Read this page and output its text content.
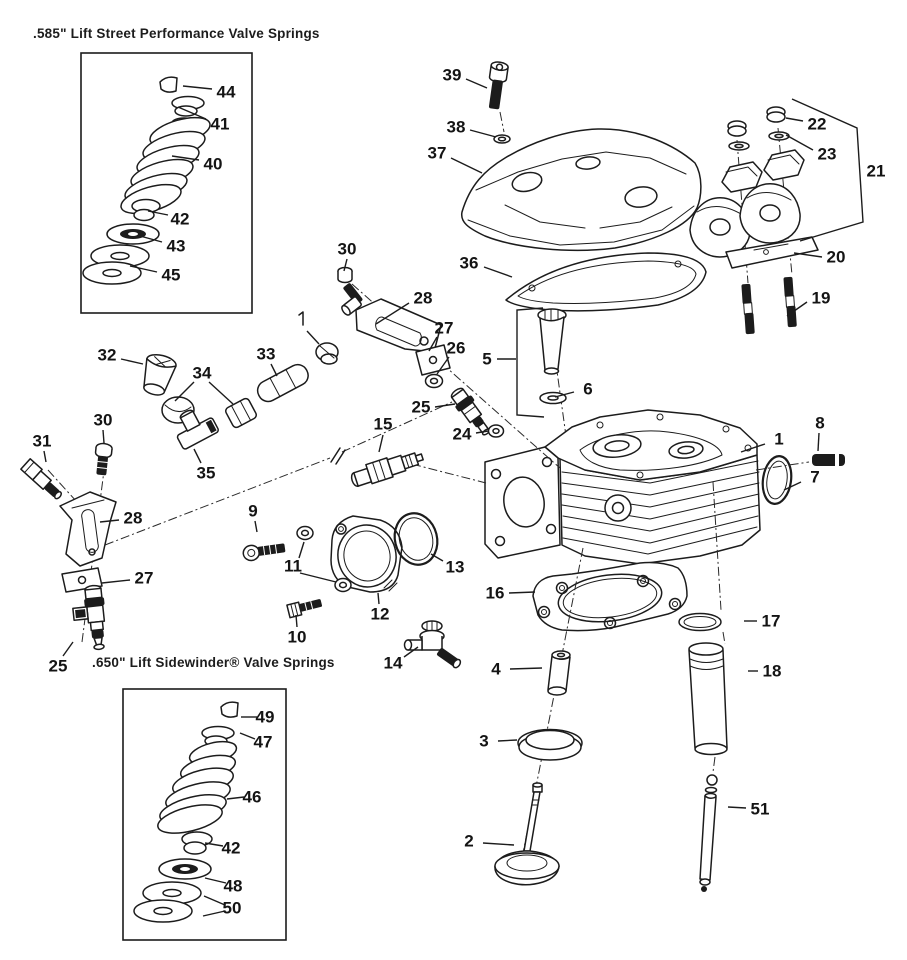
.585" Lift Street Performance Valve Springs
.650" Lift Sidewinder® Valve Springs
44
41
40
42
43
45
39
38
37
22
23
21
20
19
30
28
27
26
36
5
6
25
24
15
32
34
33
30
31
35
28
27
25
9
11
12
13
10
14
1
8
7
16
17
18
4
3
2
51
49
47
46
42
48
50
